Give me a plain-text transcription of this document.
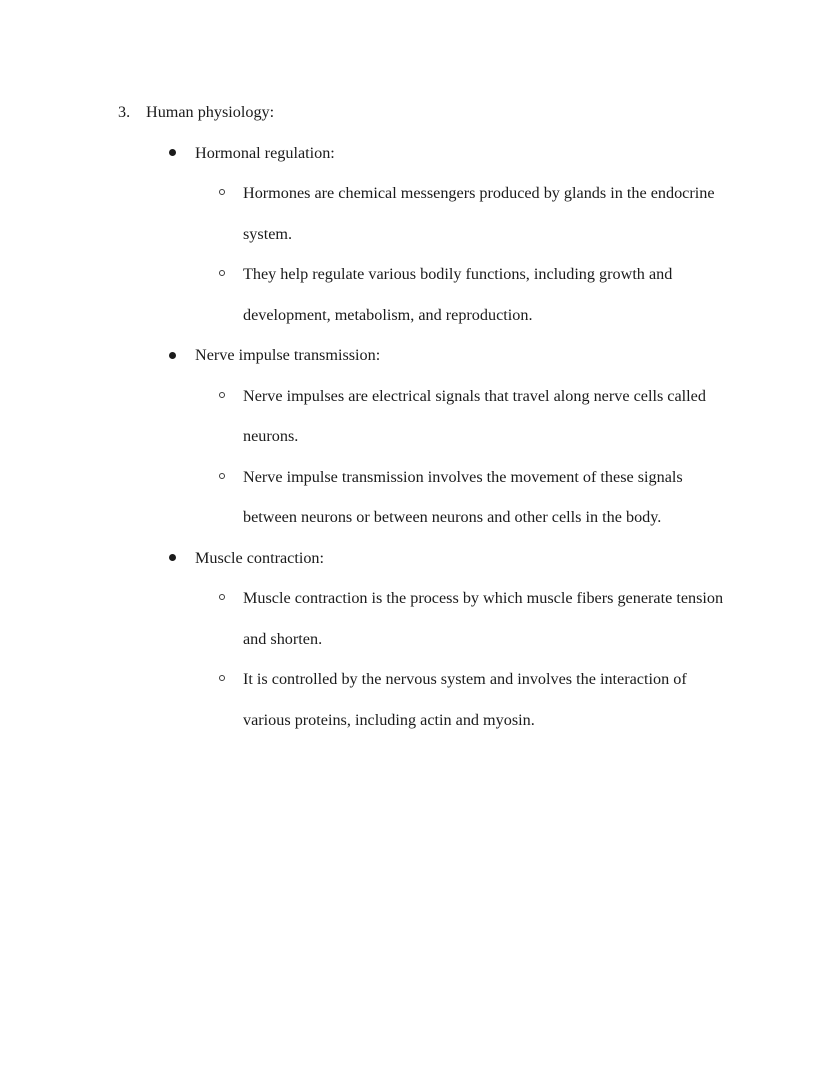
3. Human physiology:
Hormonal regulation:
Hormones are chemical messengers produced by glands in the endocrine system.
They help regulate various bodily functions, including growth and development, metabolism, and reproduction.
Nerve impulse transmission:
Nerve impulses are electrical signals that travel along nerve cells called neurons.
Nerve impulse transmission involves the movement of these signals between neurons or between neurons and other cells in the body.
Muscle contraction:
Muscle contraction is the process by which muscle fibers generate tension and shorten.
It is controlled by the nervous system and involves the interaction of various proteins, including actin and myosin.
